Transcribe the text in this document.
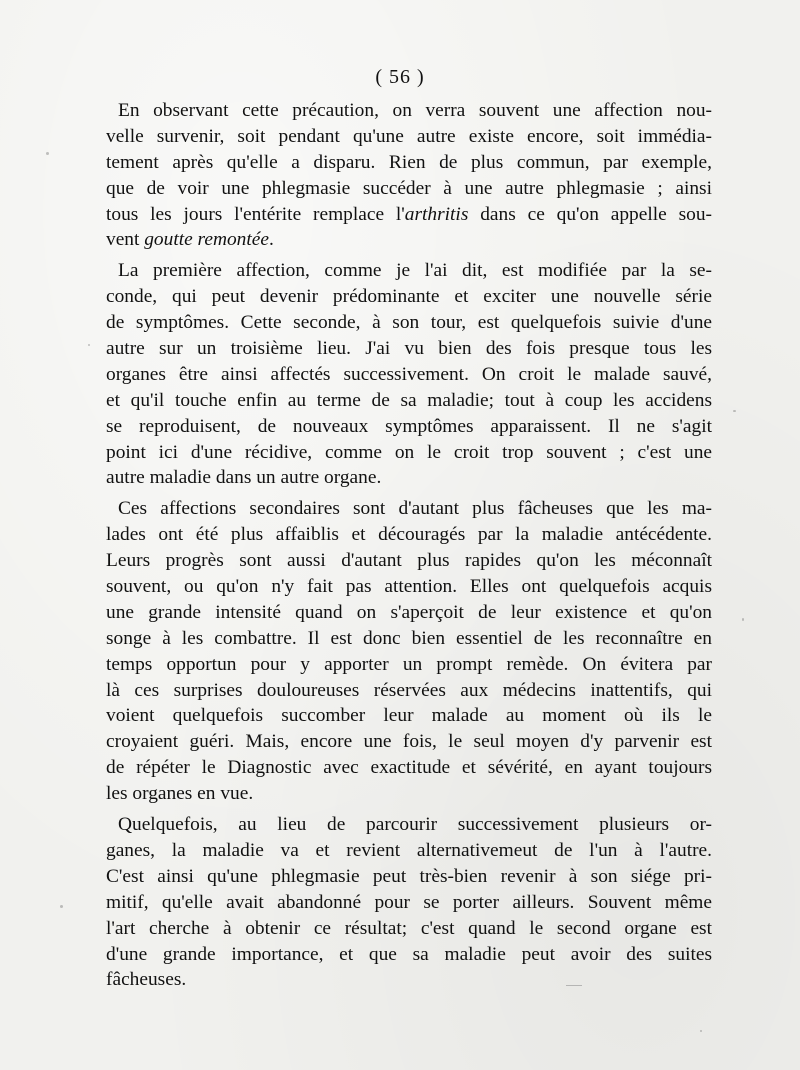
( 56 )
En observant cette précaution, on verra souvent une affection nou-
velle survenir, soit pendant qu'une autre existe encore, soit immédia-
tement après qu'elle a disparu. Rien de plus commun, par exemple,
que de voir une phlegmasie succéder à une autre phlegmasie ; ainsi
tous les jours l'entérite remplace l'arthritis dans ce qu'on appelle sou-
vent goutte remontée.
La première affection, comme je l'ai dit, est modifiée par la se-
conde, qui peut devenir prédominante et exciter une nouvelle série
de symptômes. Cette seconde, à son tour, est quelquefois suivie d'une
autre sur un troisième lieu. J'ai vu bien des fois presque tous les
organes être ainsi affectés successivement. On croit le malade sauvé,
et qu'il touche enfin au terme de sa maladie; tout à coup les accidens
se reproduisent, de nouveaux symptômes apparaissent. Il ne s'agit
point ici d'une récidive, comme on le croit trop souvent ; c'est une
autre maladie dans un autre organe.
Ces affections secondaires sont d'autant plus fâcheuses que les ma-
lades ont été plus affaiblis et découragés par la maladie antécédente.
Leurs progrès sont aussi d'autant plus rapides qu'on les méconnaît
souvent, ou qu'on n'y fait pas attention. Elles ont quelquefois acquis
une grande intensité quand on s'aperçoit de leur existence et qu'on
songe à les combattre. Il est donc bien essentiel de les reconnaître en
temps opportun pour y apporter un prompt remède. On évitera par
là ces surprises douloureuses réservées aux médecins inattentifs, qui
voient quelquefois succomber leur malade au moment où ils le
croyaient guéri. Mais, encore une fois, le seul moyen d'y parvenir est
de répéter le Diagnostic avec exactitude et sévérité, en ayant toujours
les organes en vue.
Quelquefois, au lieu de parcourir successivement plusieurs or-
ganes, la maladie va et revient alternativemeut de l'un à l'autre.
C'est ainsi qu'une phlegmasie peut très-bien revenir à son siége pri-
mitif, qu'elle avait abandonné pour se porter ailleurs. Souvent même
l'art cherche à obtenir ce résultat; c'est quand le second organe est
d'une grande importance, et que sa maladie peut avoir des suites
fâcheuses.
